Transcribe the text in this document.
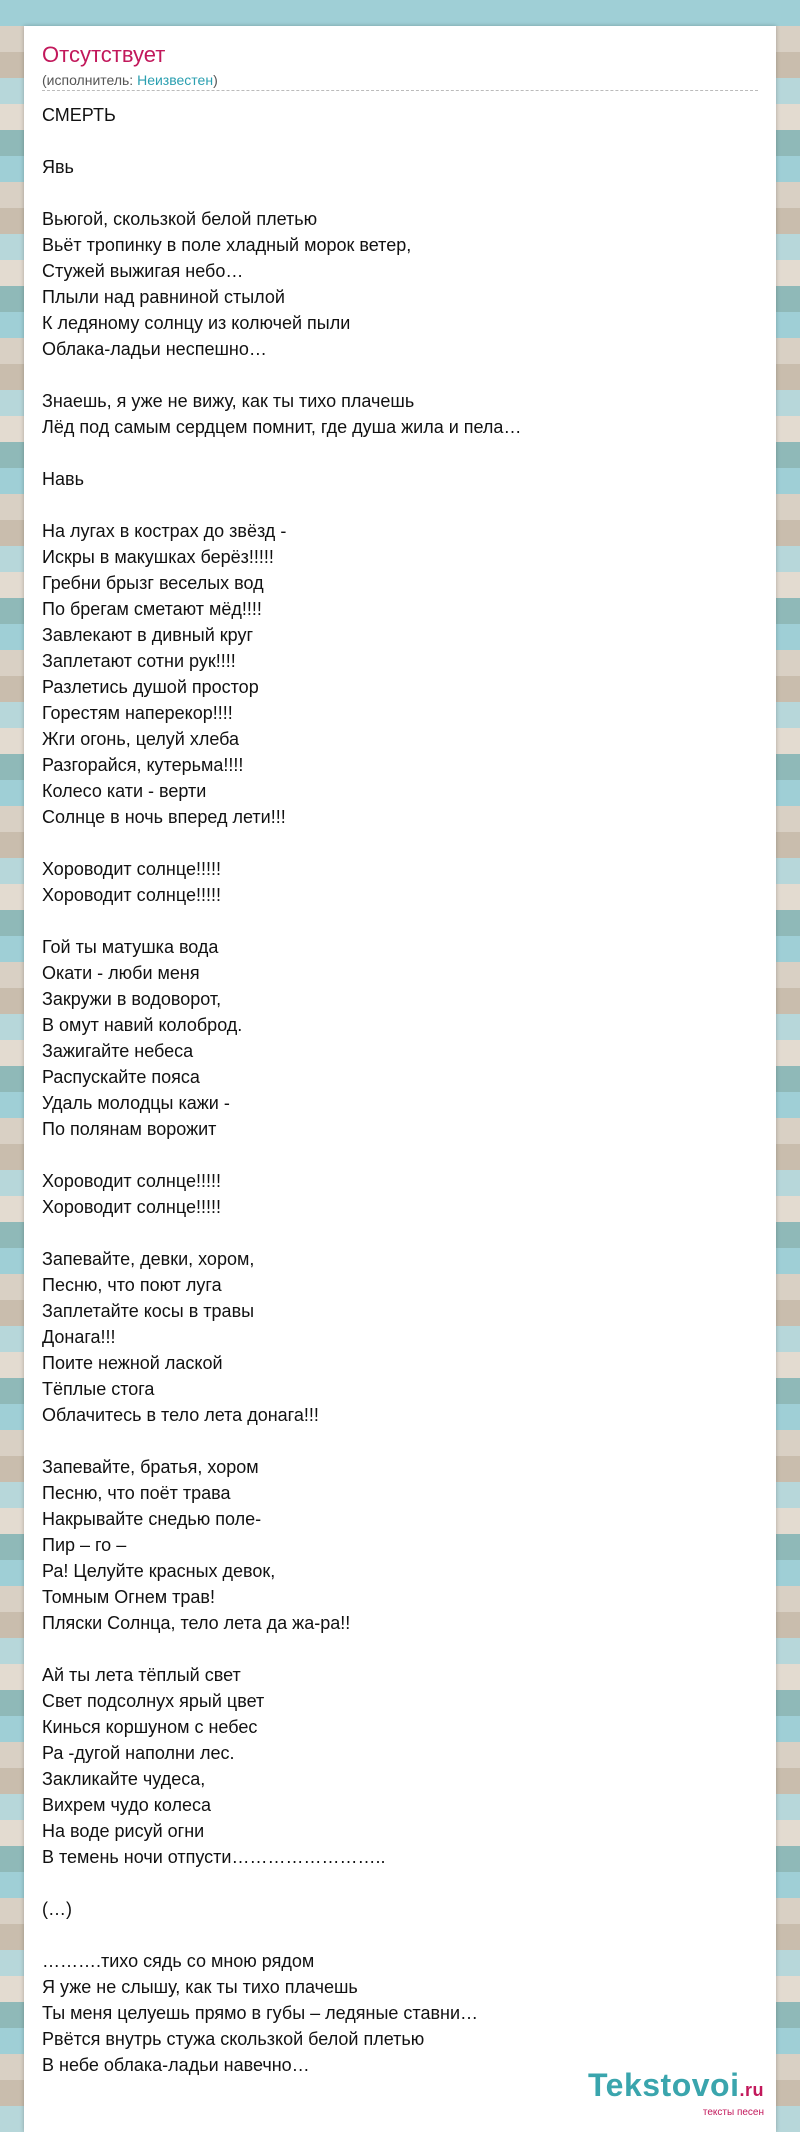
Отсутствует
(исполнитель: Неизвестен)
СМЕРТЬ
Явь
Вьюгой, скользкой белой плетью
Вьёт тропинку в поле хладный морок ветер,
Стужей выжигая небо…
Плыли над равниной стылой
К ледяному солнцу из колючей пыли
Облака-ладьи неспешно…
Знаешь, я уже не вижу, как ты тихо плачешь
Лёд под самым сердцем помнит, где душа жила и пела…
Навь
На лугах в кострах до звёзд -
Искры в макушках берёз!!!!!
Гребни брызг веселых вод
По брегам сметают мёд!!!!
Завлекают в дивный круг
Заплетают сотни рук!!!!
Разлетись душой простор
Горестям наперекор!!!!
Жги огонь, целуй хлеба
Разгорайся, кутерьма!!!!
Колесо кати - верти
Солнце в ночь вперед лети!!!
Хороводит солнце!!!!!
Хороводит солнце!!!!!
Гой ты матушка вода
Окати - люби меня
Закружи в водоворот,
В омут навий колоброд.
Зажигайте небеса
Распускайте пояса
Удаль молодцы кажи -
По полянам ворожит
Хороводит солнце!!!!!
Хороводит солнце!!!!!
Запевайте, девки, хором,
Песню, что поют луга
Заплетайте косы в травы
Донага!!!
Поите нежной лаской
Тёплые стога
Облачитесь в тело лета донага!!!
Запевайте, братья, хором
Песню, что поёт трава
Накрывайте снедью поле-
Пир – го –
Ра! Целуйте красных девок,
Томным Огнем трав!
Пляски Солнца, тело лета да жа-ра!!
Ай ты лета тёплый свет
Свет подсолнух ярый цвет
Кинься коршуном с небес
Ра -дугой наполни лес.
Закликайте чудеса,
Вихрем чудо колеса
На воде рисуй огни
В темень ночи отпусти……………………..
(…)
……….тихо сядь со мною рядом
Я уже не слышу, как ты тихо плачешь
Ты меня целуешь прямо в губы – ледяные ставни…
Рвётся внутрь стужа скользкой белой плетью
В небе облака-ладьи навечно…
Tekstovoi.ru
тексты песен
